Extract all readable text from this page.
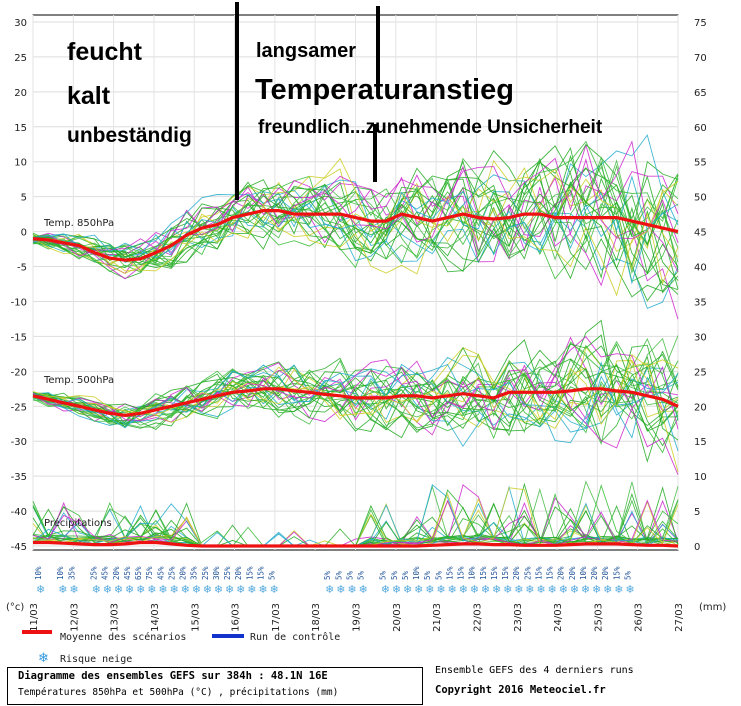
30	75
25	70
20	65
15	60
10	55
5	50
0	45
-5	40
-10	35
-15	30
-20	25
-25	20
-30	15
-35	10
-40	5
-45	0
11/03	12/03	13/03	14/03	15/03	16/03	17/03	18/03	19/03	20/03	21/03	22/03	23/03	24/03	25/03	26/03	27/03
10%
❄
10%
❄
35%
❄
25%
❄
45%
❄
20%
❄
45%
❄
65%
❄
75%
❄
45%
❄
25%
❄
20%
❄
35%
❄
25%
❄
30%
❄
25%
❄
20%
❄
15%
❄
15%
❄
5%
❄
5%
❄
5%
❄
5%
❄
5%
❄
5%
❄
5%
❄
5%
❄
10%
❄
5%
❄
5%
❄
15%
❄
15%
❄
10%
❄
15%
❄
15%
❄
15%
❄
20%
❄
25%
❄
15%
❄
15%
❄
20%
❄
20%
❄
10%
❄
20%
❄
20%
❄
15%
❄
5%
❄
Temp. 850hPa
Temp. 500hPa
Précipitations
(°c)	(mm)
feucht
kalt
unbeständig
langsamer
Temperaturanstieg
freundlich...zunehmende Unsicherheit
Moyenne des scénarios	Run de contrôle
❄ Risque neige
Diagramme des ensembles GEFS sur 384h : 48.1N 16E
Températures 850hPa et 500hPa (°C) , précipitations (mm)
Ensemble GEFS des 4 derniers runs
Copyright 2016 Meteociel.fr
